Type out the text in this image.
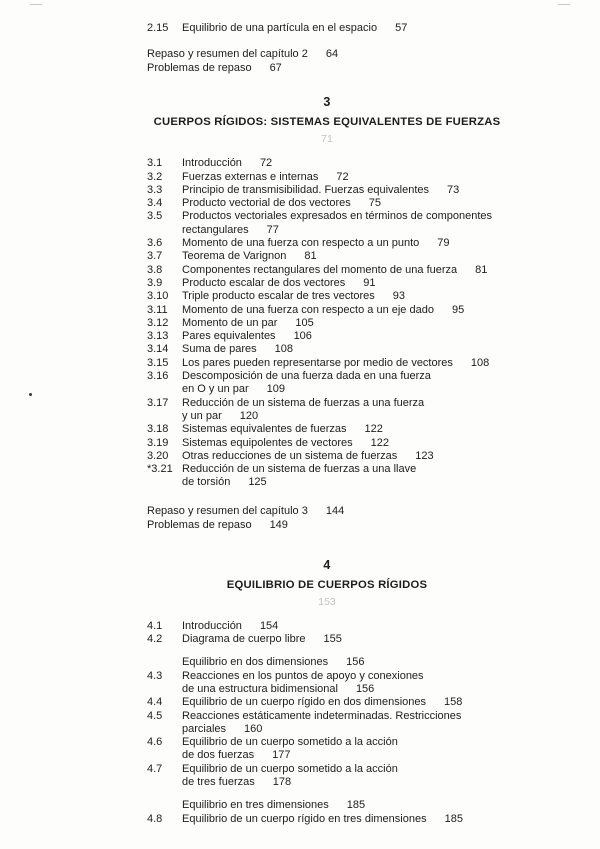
2.15	Equilibrio de una partícula en el espacio 57
Repaso y resumen del capítulo 2 64
Problemas de repaso 67
3
CUERPOS RÍGIDOS: SISTEMAS EQUIVALENTES DE FUERZAS
71
3.1	Introducción 72
3.2	Fuerzas externas e internas 72
3.3	Principio de transmisibilidad. Fuerzas equivalentes 73
3.4	Producto vectorial de dos vectores 75
3.5	Productos vectoriales expresados en términos de componentes
rectangulares 77
3.6	Momento de una fuerza con respecto a un punto 79
3.7	Teorema de Varignon 81
3.8	Componentes rectangulares del momento de una fuerza 81
3.9	Producto escalar de dos vectores 91
3.10	Triple producto escalar de tres vectores 93
3.11	Momento de una fuerza con respecto a un eje dado 95
3.12	Momento de un par 105
3.13	Pares equivalentes 106
3.14	Suma de pares 108
3.15	Los pares pueden representarse por medio de vectores 108
3.16	Descomposición de una fuerza dada en una fuerza
en O y un par 109
3.17	Reducción de un sistema de fuerzas a una fuerza
y un par 120
3.18	Sistemas equivalentes de fuerzas 122
3.19	Sistemas equipolentes de vectores 122
3.20	Otras reducciones de un sistema de fuerzas 123
*3.21 Reducción de un sistema de fuerzas a una llave
de torsión 125
Repaso y resumen del capítulo 3 144
Problemas de repaso 149
4
EQUILIBRIO DE CUERPOS RÍGIDOS
153
4.1	Introducción 154
4.2	Diagrama de cuerpo libre 155
Equilibrio en dos dimensiones 156
4.3	Reacciones en los puntos de apoyo y conexiones
de una estructura bidimensional 156
4.4	Equilibrio de un cuerpo rígido en dos dimensiones 158
4.5	Reacciones estáticamente indeterminadas. Restricciones
parciales 160
4.6	Equilibrio de un cuerpo sometido a la acción
de dos fuerzas 177
4.7	Equilibrio de un cuerpo sometido a la acción
de tres fuerzas 178
Equilibrio en tres dimensiones 185
4.8	Equilibrio de un cuerpo rígido en tres dimensiones 185
